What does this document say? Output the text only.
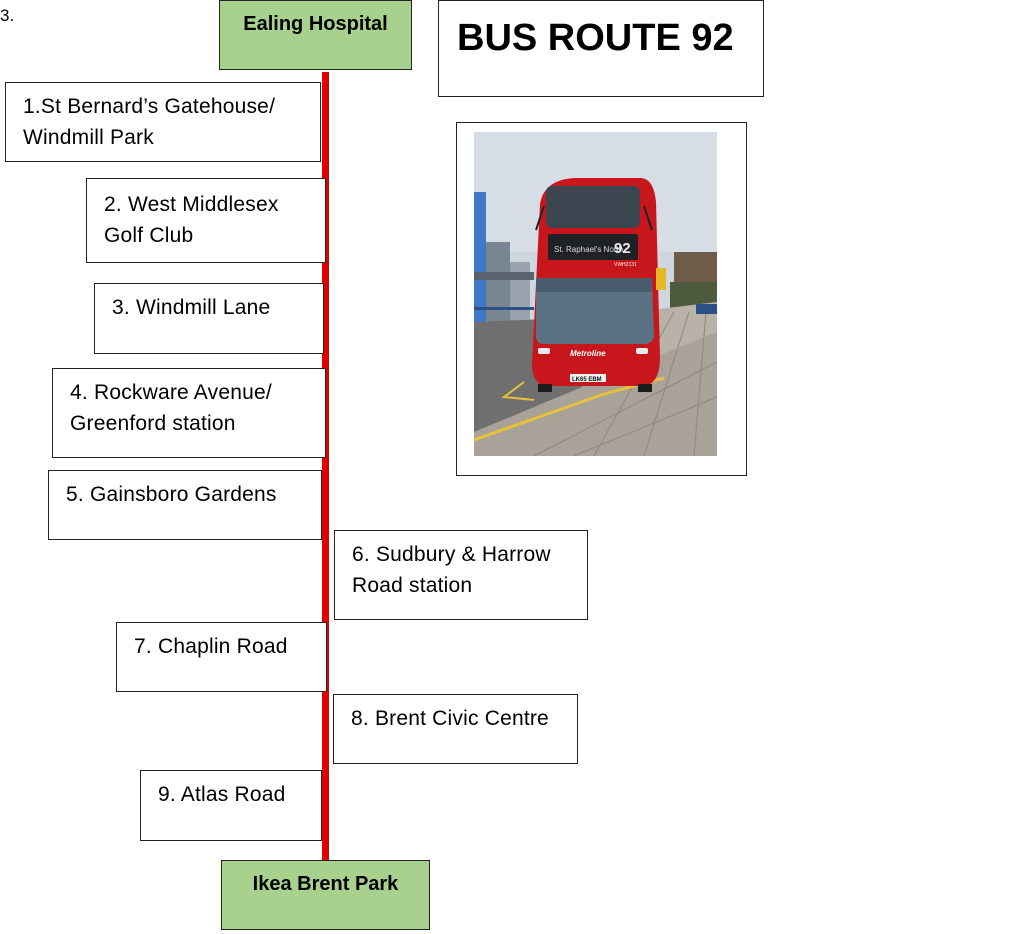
3.	Ealing Hospital
Ikea Brent Park
1.St Bernard’s Gatehouse/
Windmill Park
2. West Middlesex
Golf Club
3. Windmill Lane
4. Rockware Avenue/
Greenford station
5. Gainsboro Gardens
6. Sudbury & Harrow
Road station
7. Chaplin Road
8. Brent Civic Centre
9. Atlas Road
BUS ROUTE 92
St. Raphael's North
92
VWH2131
Metroline
LK65 EBM
